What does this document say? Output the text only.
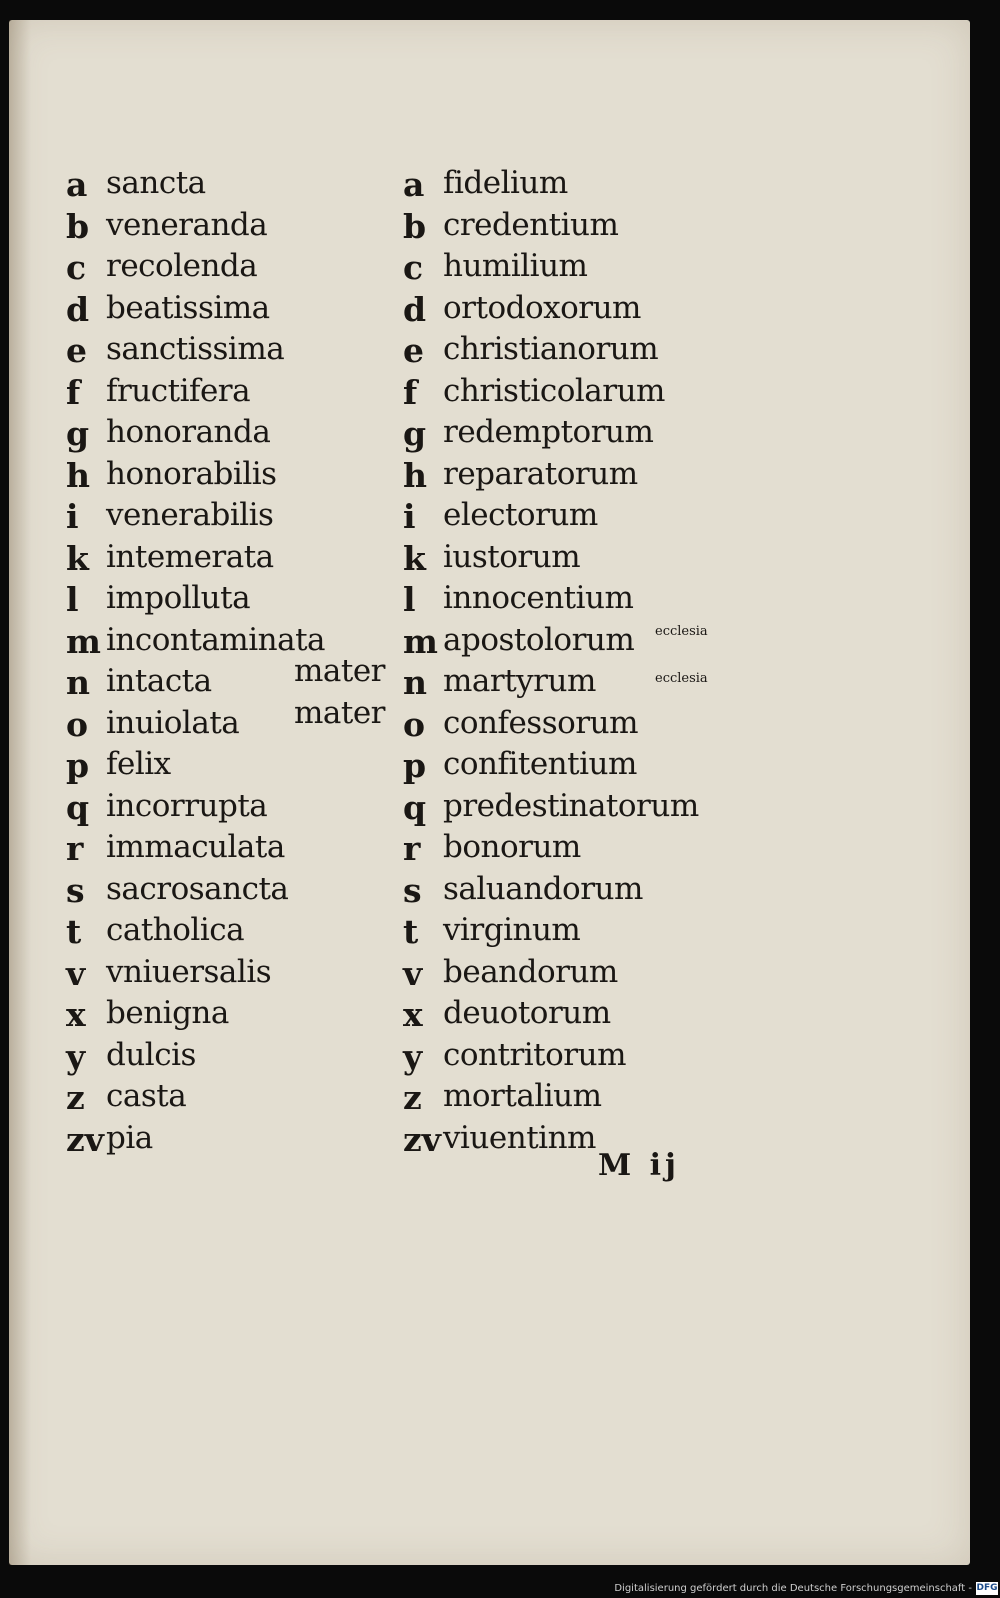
a sancta
b veneranda
c recolenda
d beatissima
e sanctissima
f fructifera
g honoranda
h honorabilis
i venerabilis
k intemerata
l impolluta
m incontaminata
n intacta
o inuiolata
p felix
q incorrupta
r immaculata
s sacrosancta
t catholica
v vniuersalis
x benigna
y dulcis
z casta
zv pia
a fidelium
b credentium
c humilium
d ortodoxorum
e christianorum
f christicolarum
g redemptorum
h reparatorum
i electorum
k iustorum
l innocentium
m apostolorum
n martyrum
o confessorum
p confitentium
q predestinatorum
r bonorum
s saluandorum
t virginum
v beandorum
x deuotorum
y contritorum
z mortalium
zv viuentinm
mater
mater
ecclesia
ecclesia
M ij
Digitalisierung gefördert durch die Deutsche Forschungsgemeinschaft - DFG
